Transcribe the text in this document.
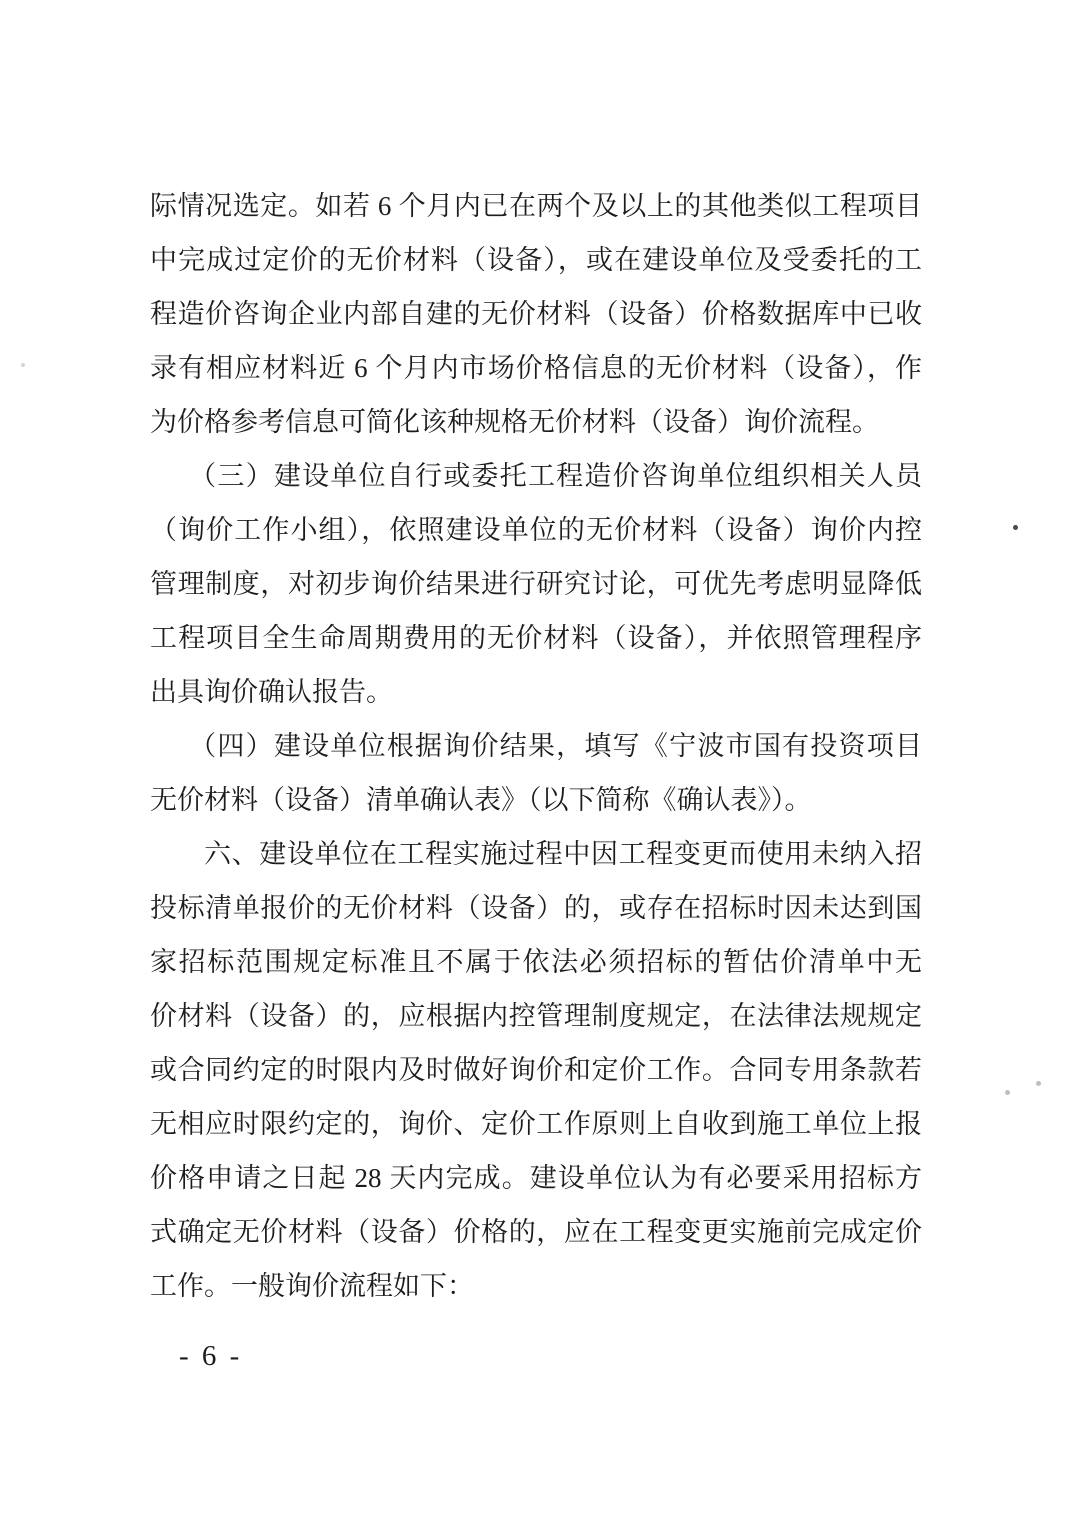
际情况选定。如若 6 个月内已在两个及以上的其他类似工程项目
中完成过定价的无价材料（设备），或在建设单位及受委托的工
程造价咨询企业内部自建的无价材料（设备）价格数据库中已收
录有相应材料近 6 个月内市场价格信息的无价材料（设备），作
为价格参考信息可简化该种规格无价材料（设备）询价流程。
（三）建设单位自行或委托工程造价咨询单位组织相关人员
（询价工作小组），依照建设单位的无价材料（设备）询价内控
管理制度，对初步询价结果进行研究讨论，可优先考虑明显降低
工程项目全生命周期费用的无价材料（设备），并依照管理程序
出具询价确认报告。
（四）建设单位根据询价结果，填写《宁波市国有投资项目
无价材料（设备）清单确认表》（以下简称《确认表》）。
六、建设单位在工程实施过程中因工程变更而使用未纳入招
投标清单报价的无价材料（设备）的，或存在招标时因未达到国
家招标范围规定标准且不属于依法必须招标的暂估价清单中无
价材料（设备）的，应根据内控管理制度规定，在法律法规规定
或合同约定的时限内及时做好询价和定价工作。合同专用条款若
无相应时限约定的，询价、定价工作原则上自收到施工单位上报
价格申请之日起 28 天内完成。建设单位认为有必要采用招标方
式确定无价材料（设备）价格的，应在工程变更实施前完成定价
工作。一般询价流程如下：
- 6 -
